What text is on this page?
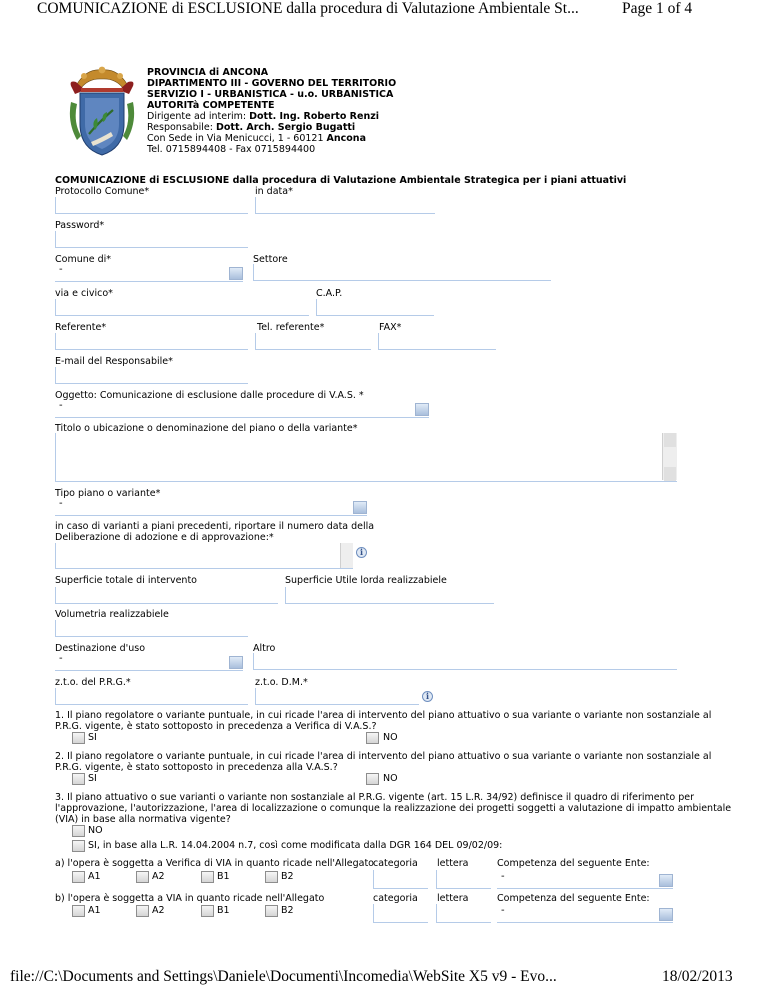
COMUNICAZIONE di ESCLUSIONE dalla procedura di Valutazione Ambientale St...	Page 1 of 4
PROVINCIA di ANCONA
DIPARTIMENTO III - GOVERNO DEL TERRITORIO
SERVIZIO I - URBANISTICA - u.o. URBANISTICA
AUTORITà COMPETENTE
Dirigente ad interim: Dott. Ing. Roberto Renzi
Responsabile: Dott. Arch. Sergio Bugatti
Con Sede in Via Menicucci, 1 - 60121 Ancona
Tel. 0715894408 - Fax 0715894400
COMUNICAZIONE di ESCLUSIONE dalla procedura di Valutazione Ambientale Strategica per i piani attuativi
Protocollo Comune*	in data*
Password*
Comune di*	Settore
-
via e civico*	C.A.P.
Referente*	Tel. referente*	FAX*
E-mail del Responsabile*
Oggetto: Comunicazione di esclusione dalle procedure di V.A.S. *
-
Titolo o ubicazione o denominazione del piano o della variante*
Tipo piano o variante*
-
in caso di varianti a piani precedenti, riportare il numero data della
Deliberazione di adozione e di approvazione:*
i
Superficie totale di intervento	Superficie Utile lorda realizzabiele
Volumetria realizzabiele
Destinazione d'uso	Altro
-
z.t.o. del P.R.G.*	z.t.o. D.M.*
i
1. Il piano regolatore o variante puntuale, in cui ricade l'area di intervento del piano attuativo o sua variante o variante non sostanziale al
P.R.G. vigente, è stato sottoposto in precedenza a Verifica di V.A.S.?
SI	NO
2. Il piano regolatore o variante puntuale, in cui ricade l'area di intervento del piano attuativo o sua variante o variante non sostanziale al
P.R.G. vigente, è stato sottoposto in precedenza alla V.A.S.?
SI	NO
3. Il piano attuativo o sue varianti o variante non sostanziale al P.R.G. vigente (art. 15 L.R. 34/92) definisce il quadro di riferimento per
l'approvazione, l'autorizzazione, l'area di localizzazione o comunque la realizzazione dei progetti soggetti a valutazione di impatto ambientale
(VIA) in base alla normativa vigente?
NO
SI, in base alla L.R. 14.04.2004 n.7, così come modificata dalla DGR 164 DEL 09/02/09:
a) l'opera è soggetta a Verifica di VIA in quanto ricade nell'Allegato categoria lettera	Competenza del seguente Ente:
A1	A2	B1	B2	-
b) l'opera è soggetta a VIA in quanto ricade nell'Allegato	categoria lettera	Competenza del seguente Ente:
A1	A2	B1	B2	-
file://C:\Documents and Settings\Daniele\Documenti\Incomedia\WebSite X5 v9 - Evo...	18/02/2013
